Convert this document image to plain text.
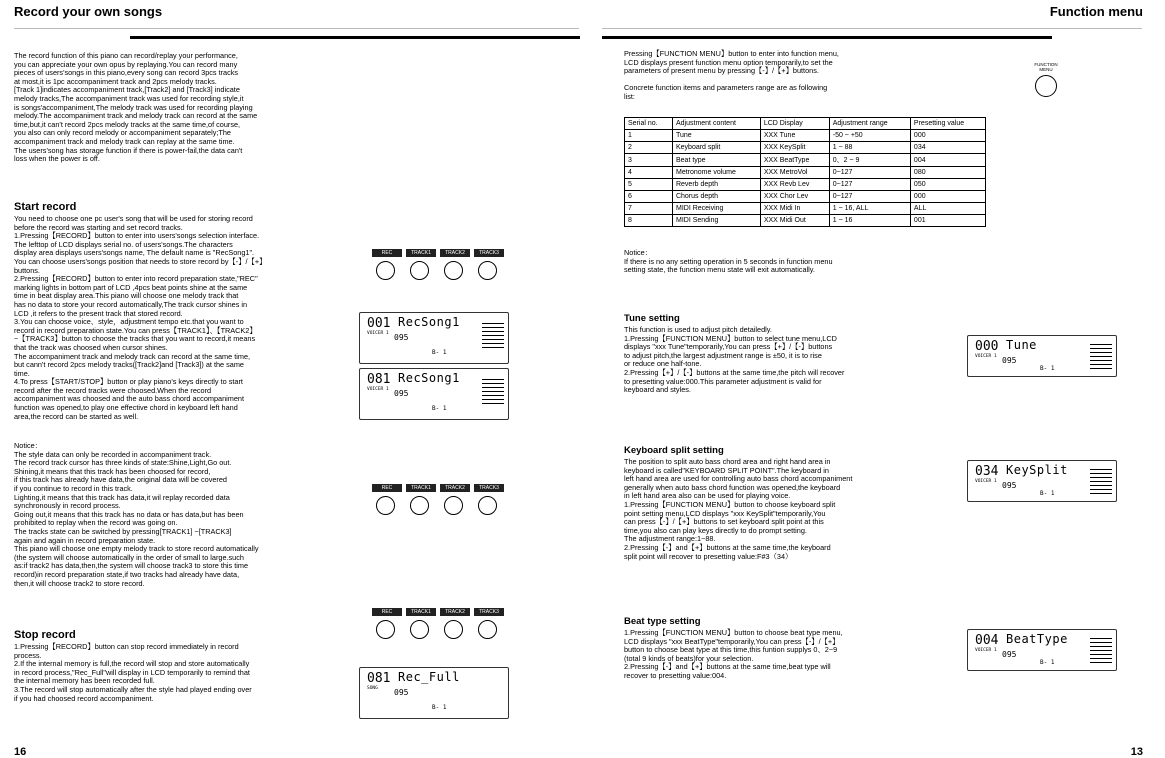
Record your own songs
The record function of this piano can record/replay your performance,
you can appreciate your own opus by replaying.You can record many
pieces of users'songs in this piano,every song can record 3pcs tracks
at most,it is 1pc accompaniment track and 2pcs melody tracks.
[Track 1]indicates accompaniment track,[Track2] and [Track3] indicate
melody tracks,The accompaniment track was used for recording style,it
is songs'accompaniment,The melody track was used for recording playing
melody.The accompaniment track and melody track can record at the same
time,but,it can't record 2pcs melody tracks at the same time,of course,
you also can only record melody or accompaniment separately;The
accompaniment track and melody track can replay at the same time.
The users'song has storage function if there is power-fail,the data can't
loss when the power is off.
Start record
You need to choose one pc user's song that will be used for storing record
before the record was starting and set record tracks.
1.Pressing【RECORD】button to enter into users'songs selection interface.
The lefttop of LCD displays serial no. of users'songs.The characters
display area displays users'songs name, The default name is "RecSong1".
You can choose users'songs position that needs to store record by【-】/【+】
buttons.
2.Pressing【RECORD】button to enter into record preparation state,"REC"
marking lights in bottom part of LCD ,4pcs beat points shine at the same
time in beat display area.This piano will choose one melody track that
has no data to store your record automatically,The track cursor shines in
LCD ,it refers to the present track that stored record.
3.You can choose voice、style，adjustment tempo etc.that you want to
record in record preparation state.You can press【TRACK1】、【TRACK2】
~【TRACK3】button to choose the tracks that you want to record,it means
that the track was choosed when cursor shines.
The accompaniment track and melody track can record at the same time,
but cann't record 2pcs melody tracks([Track2]and [Track3]) at the same
time.
4.To press【START/STOP】button or play piano's keys directly to start
record after the record tracks were choosed.When the record
accompaniment was choosed and the auto bass chord accompaniment
function was opened,to play one effective chord in keyboard left hand
area,the record can be started as well.
Notice：
The style data can only be recorded in accompaniment track.
The record track cursor has three kinds of state:Shine,Light,Go out.
Shining,it means that this track has been choosed for record,
if this track has already have data,the original data will be covered
if you continue to record in this track.
Lighting,it means that this track has data,it wil replay recorded data
synchronously in record process.
Going out,it means that this track has no data or has data,but has been
prohibited to replay when the record was going on.
The tracks state can be switched by pressing[TRACK1] ~[TRACK3]
again and again in record preparation state.
This piano will choose one empty melody track to store record automatically
(the system will choose automatically in the order of small to large.such
as:if track2 has data,then,the system will choose track3 to store this time
record)in record preparation state,if two tracks had already have data,
then,it will choose track2 to store record.
Stop record
1.Pressing【RECORD】button can stop record immediately in record
process.
2.If the internal memory is full,the record will stop and store automatically
in record process,"Rec_Full"will display in LCD temporarily to remind that
the internal memory has been recorded full.
3.The record will stop automatically after the style had played ending over
if you had choosed record accompaniment.
REC	TRACK1	TRACK2	TRACK3
001 RecSong1
VOICER 1 095
B- 1
081 RecSong1
VOICER 1 095
B- 1
REC	TRACK1	TRACK2	TRACK3
REC	TRACK1	TRACK2	TRACK3
081 Rec_Full
SONG 095
B- 1
16
Function menu
Pressing【FUNCTION MENU】button to enter into function menu,
LCD displays present function menu option temporarily,to set the
parameters of present menu by pressing【-】/【+】buttons.

Concrete function items and parameters range are as following
list:
FUNCTION
MENU
Serial no.	Adjustment content	LCD Display	Adjustment range	Presetting value
1	Tune	XXX Tune	-50 ~ +50	000
2	Keyboard split	XXX KeySplit	1 ~ 88	034
3	Beat type	XXX BeatType	0、2 ~ 9	004
4	Metronome volume	XXX MetroVol	0~127	080
5	Reverb depth	XXX Revb Lev	0~127	050
6	Chorus depth	XXX Chor Lev	0~127	000
7	MIDI Receiving	XXX Midi In	1 ~ 16, ALL	ALL
8	MIDI Sending	XXX Midi Out	1 ~ 16	001
Notice：
If there is no any setting operation in 5 seconds in function menu
setting state, the function menu state will exit automatically.
Tune setting
This function is used to adjust pitch detailedly.
1.Pressing【FUNCTION MENU】button to select tune menu,LCD
displays "xxx Tune"temporarily,You can press【+】/【-】buttons
to adjust pitch,the largest adjustment range is ±50, it is to rise
or reduce one half-tone.
2.Pressing【+】/【-】buttons at the same time,the pitch will recover
to presetting value:000.This parameter adjustment is valid for
keyboard and styles.
000 Tune
VOICER 1 095
B- 1
Keyboard split setting
The position to split auto bass chord area and right hand area in
keyboard is called"KEYBOARD SPLIT POINT".The keyboard in
left hand area are used for controlling auto bass chord accompaniment
generally when auto bass chord function was opened,the keyboard
in left hand area also can be used for playing voice.
1.Pressing【FUNCTION MENU】button to choose keyboard split
point setting menu,LCD displays "xxx KeySplit"temporarily,You
can press【-】/【+】buttons to set keyboard split point at this
time,you also can play keys directly to do prompt setting.
The adjustment range:1~88.
2.Pressing【-】and【+】buttons at the same time,the keyboard
split point will recover to presetting value:F#3（34）
034 KeySplit
VOICER 1 095
B- 1
Beat type setting
1.Pressing【FUNCTION MENU】button to choose beat type menu,
LCD displays "xxx BeatType"temporarily,You can press【-】/【+】
button to choose beat type at this time,this funtion supplys 0、2~9
(total 9 kinds of beats)for your selection.
2.Pressing【-】and【+】buttons at the same time,beat type will
recover to presetting value:004.
004 BeatType
VOICER 1 095
B- 1
13
